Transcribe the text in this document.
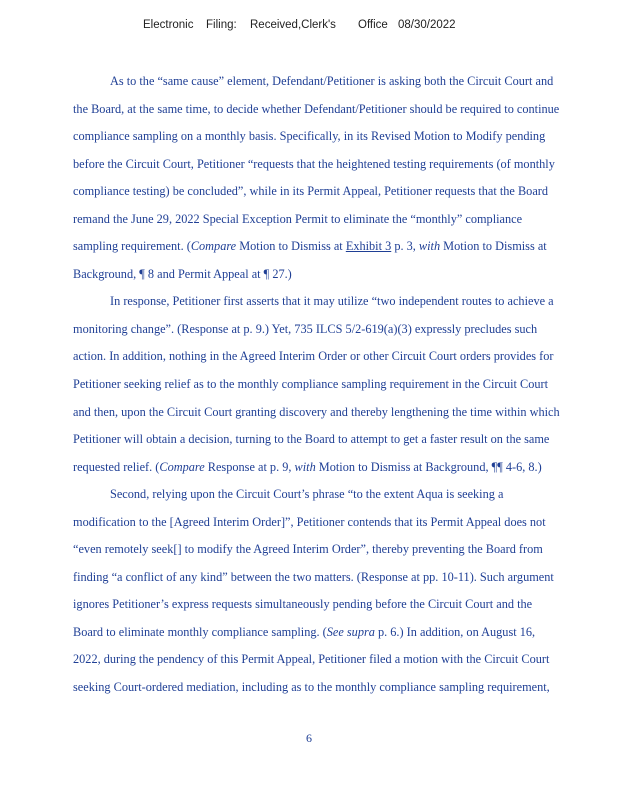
Electronic Filing: Received,Clerk's Office 08/30/2022
As to the “same cause” element, Defendant/Petitioner is asking both the Circuit Court and
the Board, at the same time, to decide whether Defendant/Petitioner should be required to continue
compliance sampling on a monthly basis. Specifically, in its Revised Motion to Modify pending
before the Circuit Court, Petitioner “requests that the heightened testing requirements (of monthly
compliance testing) be concluded”, while in its Permit Appeal, Petitioner requests that the Board
remand the June 29, 2022 Special Exception Permit to eliminate the “monthly” compliance
sampling requirement. (Compare Motion to Dismiss at Exhibit 3 p. 3, with Motion to Dismiss at
Background, ¶ 8 and Permit Appeal at ¶ 27.)
In response, Petitioner first asserts that it may utilize “two independent routes to achieve a
monitoring change”. (Response at p. 9.) Yet, 735 ILCS 5/2-619(a)(3) expressly precludes such
action. In addition, nothing in the Agreed Interim Order or other Circuit Court orders provides for
Petitioner seeking relief as to the monthly compliance sampling requirement in the Circuit Court
and then, upon the Circuit Court granting discovery and thereby lengthening the time within which
Petitioner will obtain a decision, turning to the Board to attempt to get a faster result on the same
requested relief. (Compare Response at p. 9, with Motion to Dismiss at Background, ¶¶ 4-6, 8.)
Second, relying upon the Circuit Court’s phrase “to the extent Aqua is seeking a
modification to the [Agreed Interim Order]”, Petitioner contends that its Permit Appeal does not
“even remotely seek[] to modify the Agreed Interim Order”, thereby preventing the Board from
finding “a conflict of any kind” between the two matters. (Response at pp. 10-11). Such argument
ignores Petitioner’s express requests simultaneously pending before the Circuit Court and the
Board to eliminate monthly compliance sampling. (See supra p. 6.) In addition, on August 16,
2022, during the pendency of this Permit Appeal, Petitioner filed a motion with the Circuit Court
seeking Court-ordered mediation, including as to the monthly compliance sampling requirement,
6
